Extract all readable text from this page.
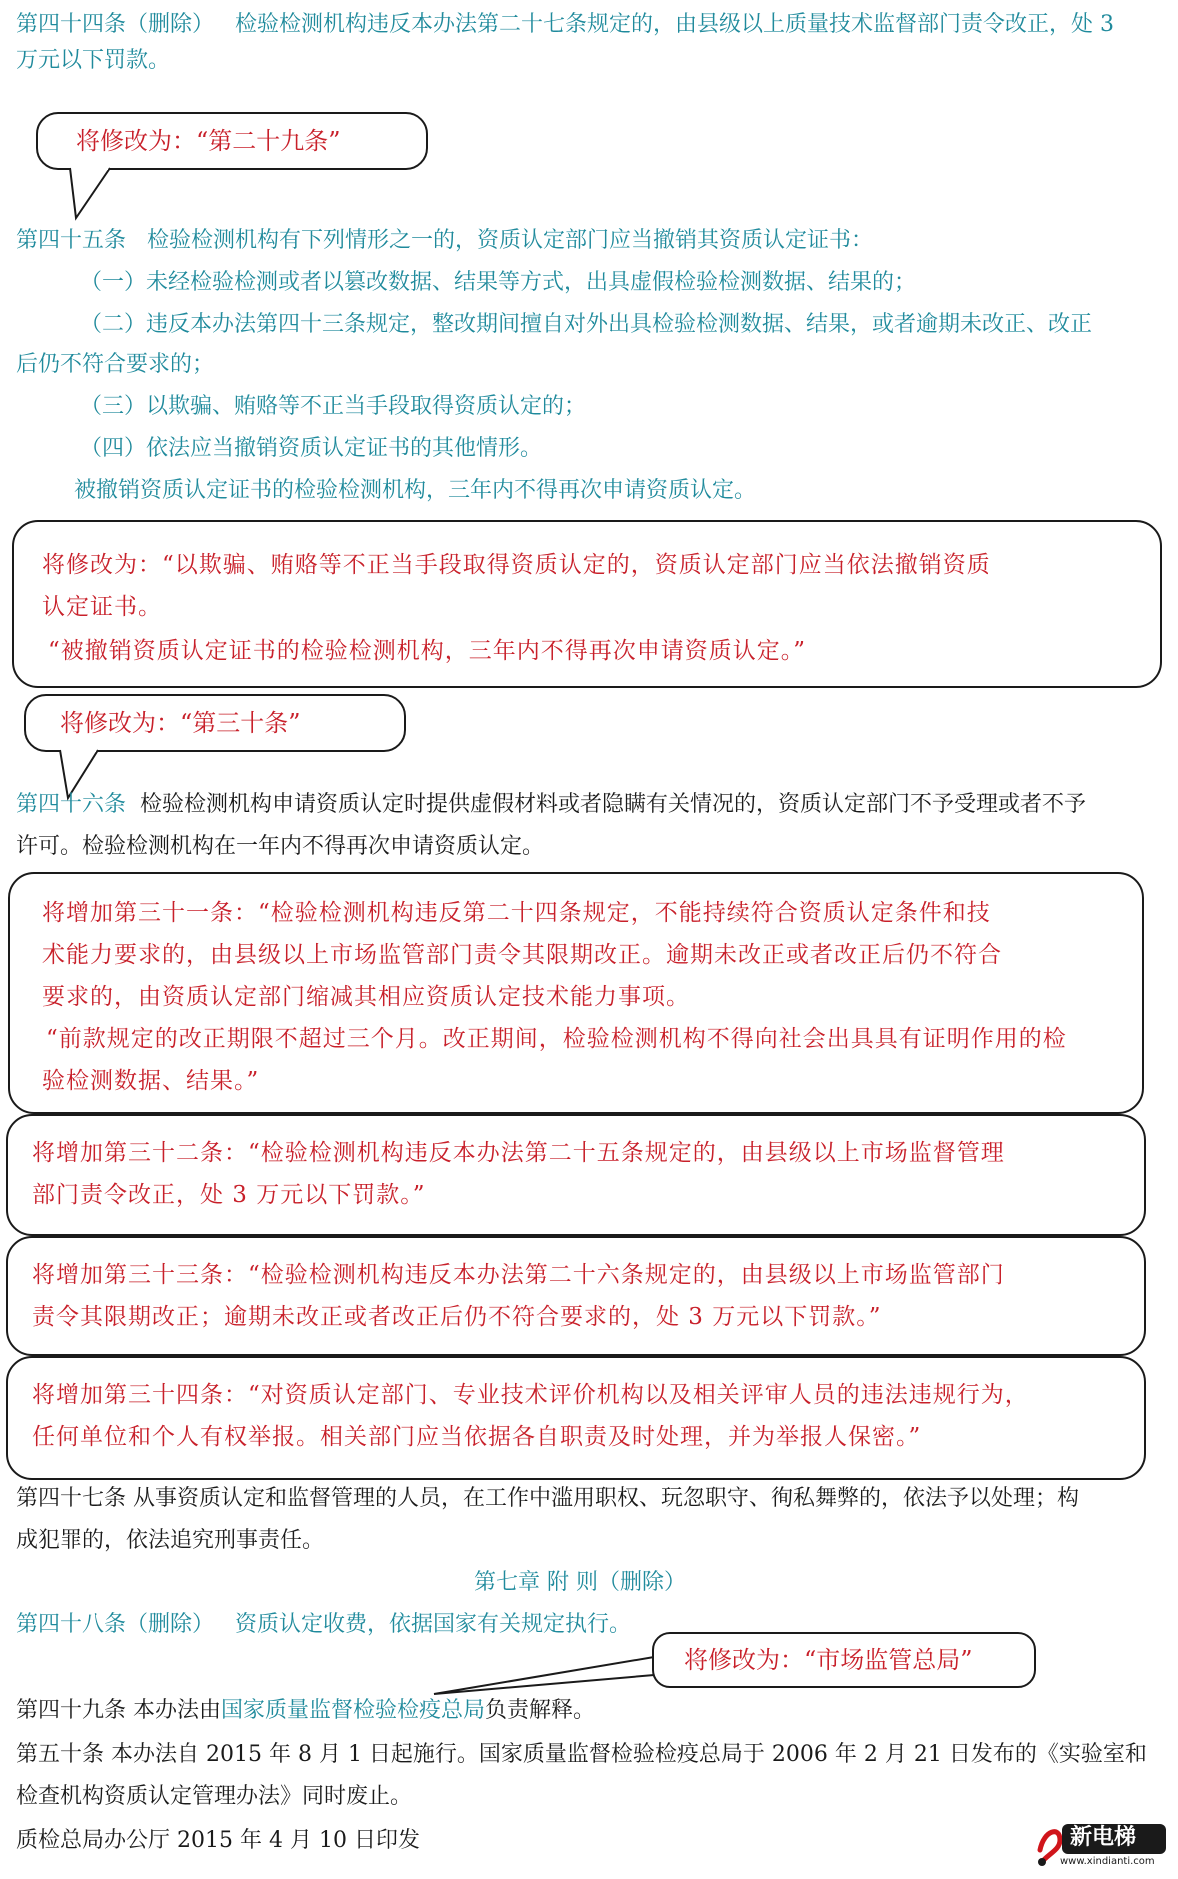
第四十四条（删除） 检验检测机构违反本办法第二十七条规定的，由县级以上质量技术监督部门责令改正，处 3
万元以下罚款。
将修改为：“第二十九条”
第四十五条 检验检测机构有下列情形之一的，资质认定部门应当撤销其资质认定证书：
（一）未经检验检测或者以篡改数据、结果等方式，出具虚假检验检测数据、结果的；
（二）违反本办法第四十三条规定，整改期间擅自对外出具检验检测数据、结果，或者逾期未改正、改正
后仍不符合要求的；
（三）以欺骗、贿赂等不正当手段取得资质认定的；
（四）依法应当撤销资质认定证书的其他情形。
被撤销资质认定证书的检验检测机构，三年内不得再次申请资质认定。
将修改为：“以欺骗、贿赂等不正当手段取得资质认定的，资质认定部门应当依法撤销资质
认定证书。
“被撤销资质认定证书的检验检测机构，三年内不得再次申请资质认定。”
将修改为：“第三十条”
第四十六条 检验检测机构申请资质认定时提供虚假材料或者隐瞒有关情况的，资质认定部门不予受理或者不予
许可。检验检测机构在一年内不得再次申请资质认定。
将增加第三十一条：“检验检测机构违反第二十四条规定，不能持续符合资质认定条件和技
术能力要求的，由县级以上市场监管部门责令其限期改正。逾期未改正或者改正后仍不符合
要求的，由资质认定部门缩减其相应资质认定技术能力事项。
“前款规定的改正期限不超过三个月。改正期间，检验检测机构不得向社会出具具有证明作用的检
验检测数据、结果。”
将增加第三十二条：“检验检测机构违反本办法第二十五条规定的，由县级以上市场监督管理
部门责令改正，处 3 万元以下罚款。”
将增加第三十三条：“检验检测机构违反本办法第二十六条规定的，由县级以上市场监管部门
责令其限期改正；逾期未改正或者改正后仍不符合要求的，处 3 万元以下罚款。”
将增加第三十四条：“对资质认定部门、专业技术评价机构以及相关评审人员的违法违规行为，
任何单位和个人有权举报。相关部门应当依据各自职责及时处理，并为举报人保密。”
第四十七条 从事资质认定和监督管理的人员，在工作中滥用职权、玩忽职守、徇私舞弊的，依法予以处理；构
成犯罪的，依法追究刑事责任。
第七章 附 则（删除）
第四十八条（删除） 资质认定收费，依据国家有关规定执行。
将修改为：“市场监管总局”
第四十九条 本办法由国家质量监督检验检疫总局负责解释。
第五十条 本办法自 2015 年 8 月 1 日起施行。国家质量监督检验检疫总局于 2006 年 2 月 21 日发布的《实验室和
检查机构资质认定管理办法》同时废止。
质检总局办公厅 2015 年 4 月 10 日印发	新电梯
www.xindianti.com
